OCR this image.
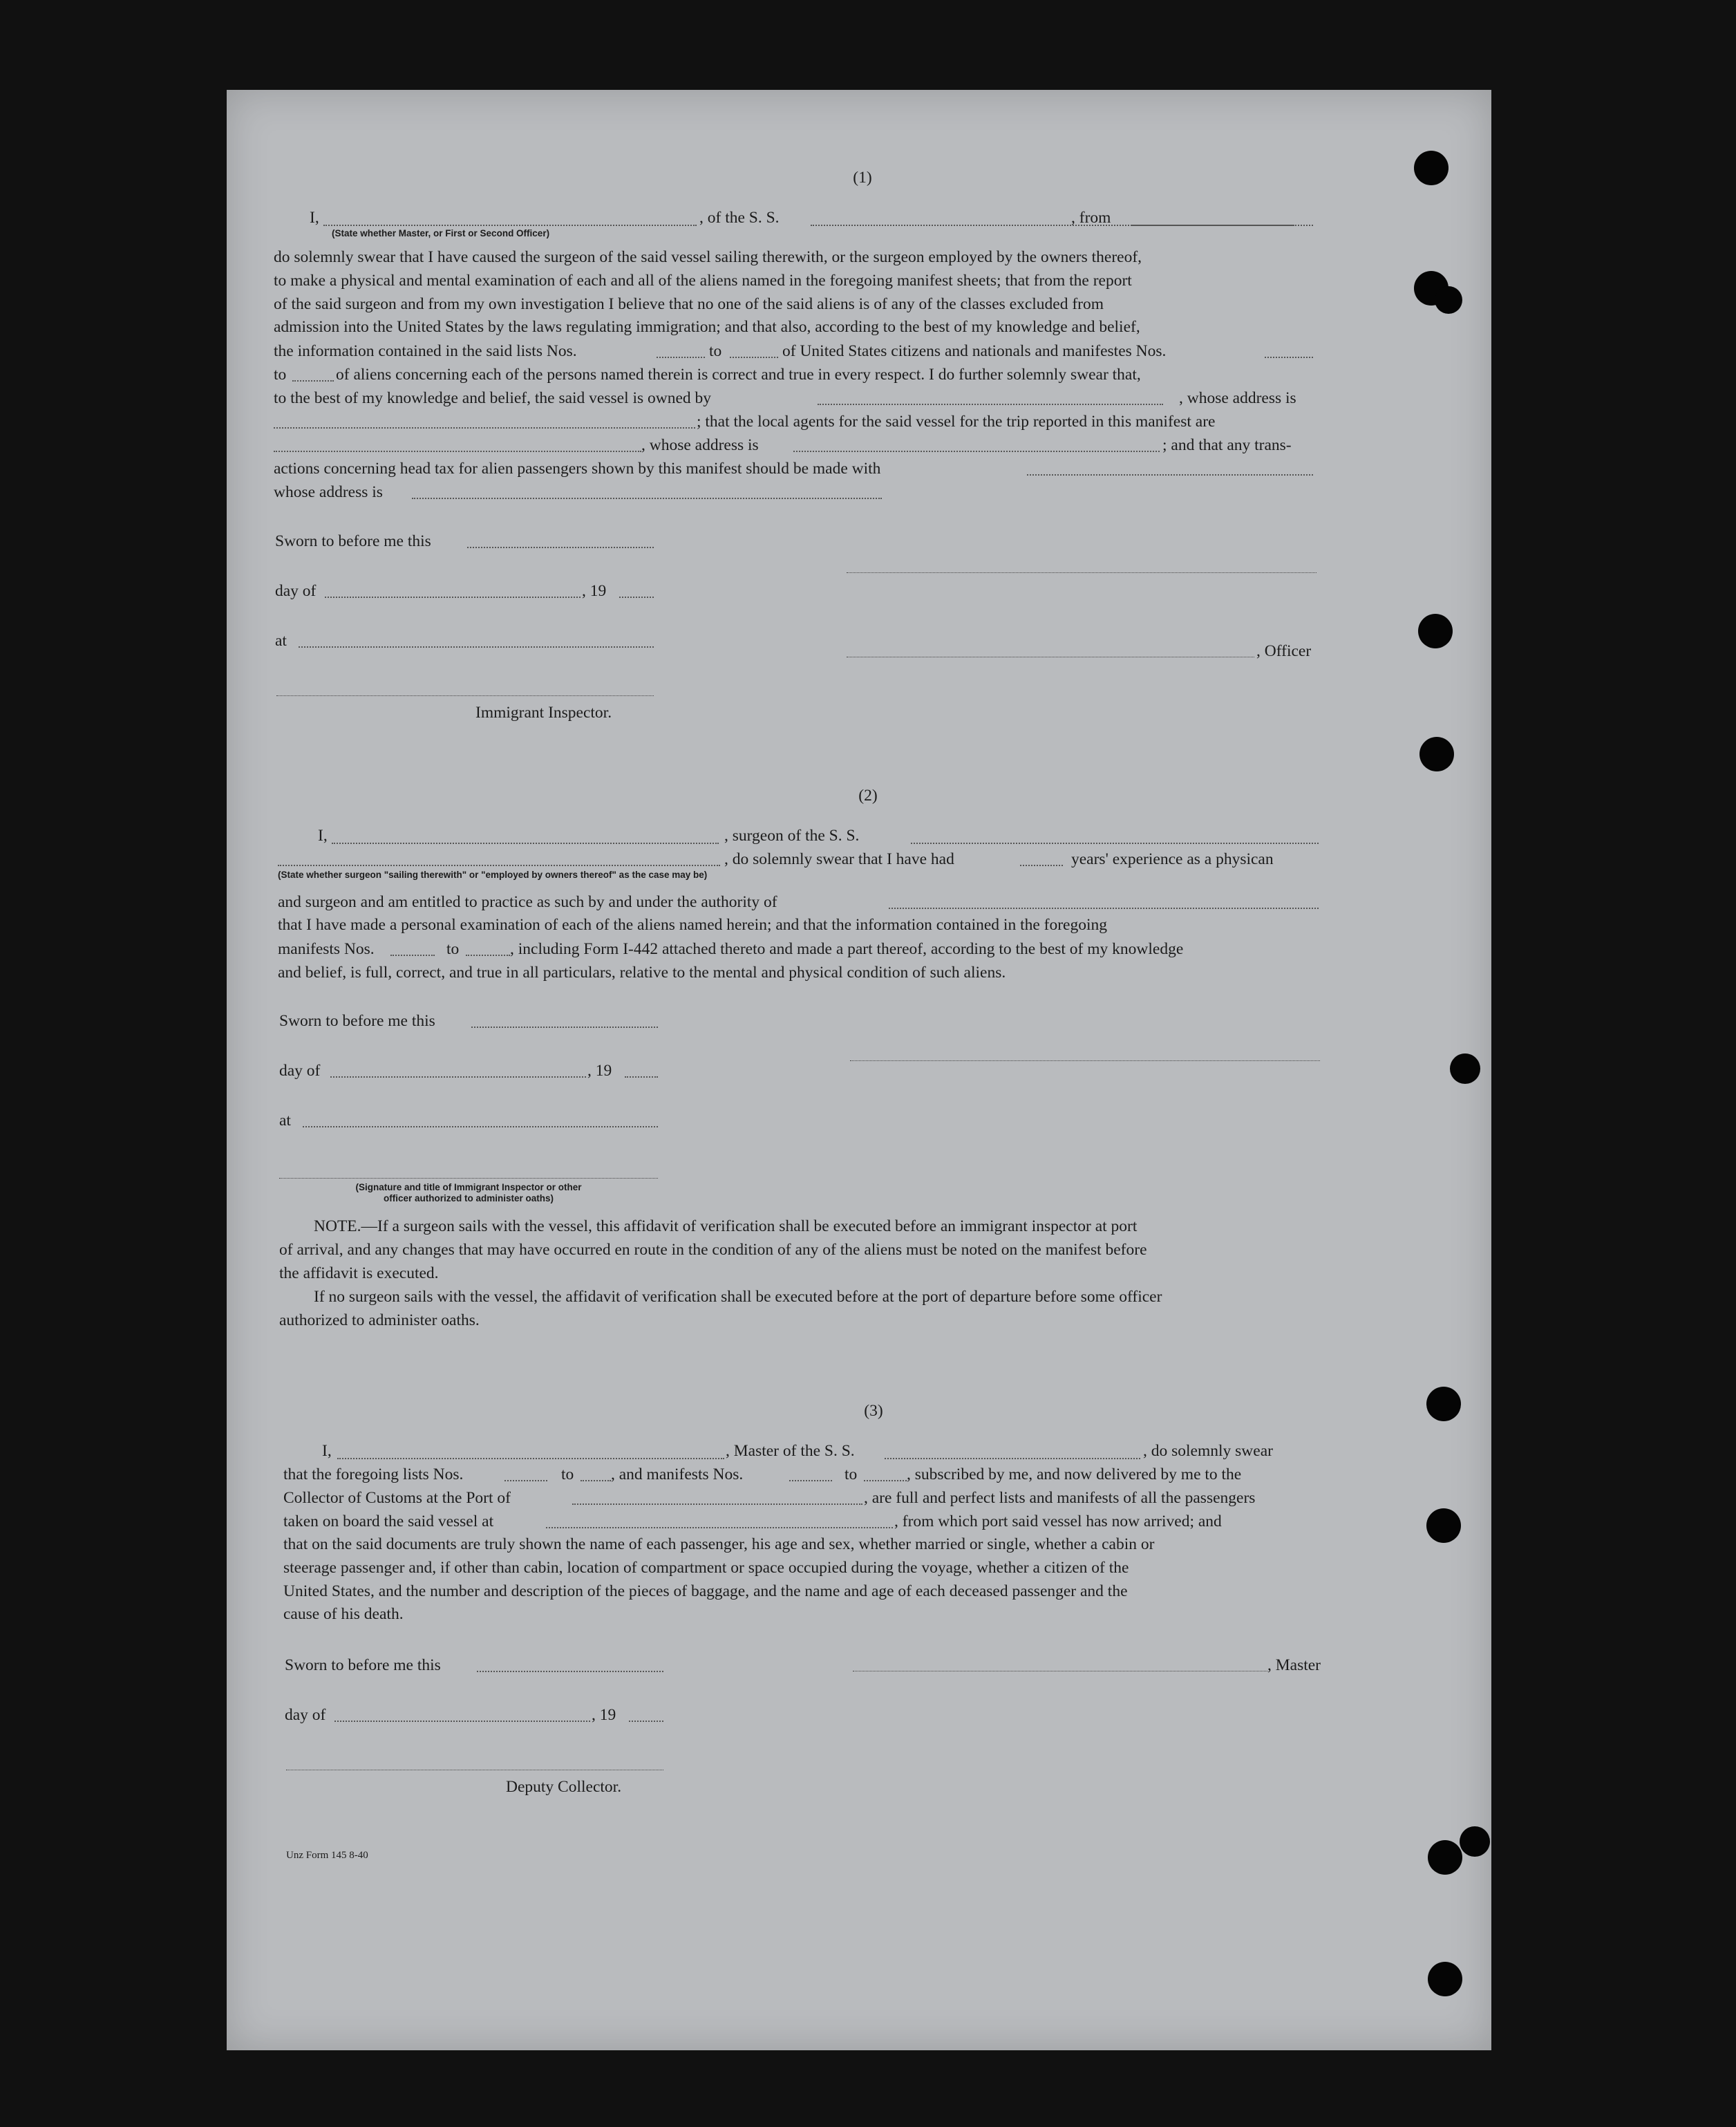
(1)
I,	, of the S. S.	, from
(State whether Master, or First or Second Officer)

do solemnly swear that I have caused the surgeon of the said vessel sailing therewith, or the surgeon employed by the owners thereof,

to make a physical and mental examination of each and all of the aliens named in the foregoing manifest sheets; that from the report

of the said surgeon and from my own investigation I believe that no one of the said aliens is of any of the classes excluded from

admission into the United States by the laws regulating immigration; and that also, according to the best of my knowledge and belief,

the information contained in the said lists Nos.	to	of United States citizens and nationals and manifestes Nos.
to	of aliens concerning each of the persons named therein is correct and true in every respect. I do further solemnly swear that,
to the best of my knowledge and belief, the said vessel is owned by	, whose address is
; that the local agents for the said vessel for the trip reported in this manifest are
, whose address is	; and that any trans-
actions concerning head tax for alien passengers shown by this manifest should be made with
whose address is
Sworn to before me this
day of	, 19
at
, Officer
Immigrant Inspector.
(2)
I,	, surgeon of the S. S.
, do solemnly swear that I have had	years' experience as a physican
(State whether surgeon "sailing therewith" or "employed by owners thereof" as the case may be)
and surgeon and am entitled to practice as such by and under the authority of

that I have made a personal examination of each of the aliens named herein; and that the information contained in the foregoing

manifests Nos.	to	, including Form I-442 attached thereto and made a part thereof, according to the best of my knowledge
and belief, is full, correct, and true in all particulars, relative to the mental and physical condition of such aliens.
Sworn to before me this
day of	, 19
at
(Signature and title of Immigrant Inspector or other
officer authorized to administer oaths)

NOTE.—If a surgeon sails with the vessel, this affidavit of verification shall be executed before an immigrant inspector at port

of arrival, and any changes that may have occurred en route in the condition of any of the aliens must be noted on the manifest before

the affidavit is executed.

If no surgeon sails with the vessel, the affidavit of verification shall be executed before at the port of departure before some officer

authorized to administer oaths.

(3)
I,	, Master of the S. S.	, do solemnly swear
that the foregoing lists Nos.	to , and manifests Nos.	to	, subscribed by me, and now delivered by me to the
Collector of Customs at the Port of	, are full and perfect lists and manifests of all the passengers
taken on board the said vessel at	, from which port said vessel has now arrived; and

that on the said documents are truly shown the name of each passenger, his age and sex, whether married or single, whether a cabin or

steerage passenger and, if other than cabin, location of compartment or space occupied during the voyage, whether a citizen of the

United States, and the number and description of the pieces of baggage, and the name and age of each deceased passenger and the

cause of his death.

Sworn to before me this	, Master
day of	, 19
Deputy Collector.
Unz Form 145 8-40
